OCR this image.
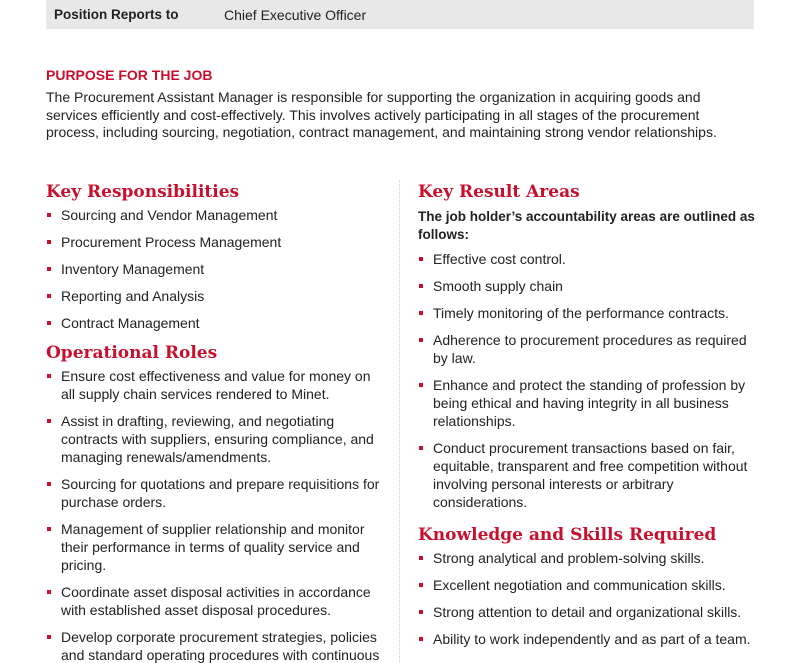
Position Reports to	Chief Executive Officer
PURPOSE FOR THE JOB
The Procurement Assistant Manager is responsible for supporting the organization in acquiring goods and services efficiently and cost-effectively. This involves actively participating in all stages of the procurement process, including sourcing, negotiation, contract management, and maintaining strong vendor relationships.
Key Responsibilities
Sourcing and Vendor Management
Procurement Process Management
Inventory Management
Reporting and Analysis
Contract Management
Operational Roles
Ensure cost effectiveness and value for money on all supply chain services rendered to Minet.
Assist in drafting, reviewing, and negotiating contracts with suppliers, ensuring compliance, and managing renewals/amendments.
Sourcing for quotations and prepare requisitions for purchase orders.
Management of supplier relationship and monitor their performance in terms of quality service and pricing.
Coordinate asset disposal activities in accordance with established asset disposal procedures.
Develop corporate procurement strategies, policies and standard operating procedures with continuous
Key Result Areas
The job holder’s accountability areas are outlined as follows:
Effective cost control.
Smooth supply chain
Timely monitoring of the performance contracts.
Adherence to procurement procedures as required by law.
Enhance and protect the standing of profession by being ethical and having integrity in all business relationships.
Conduct procurement transactions based on fair, equitable, transparent and free competition without involving personal interests or arbitrary considerations.
Knowledge and Skills Required
Strong analytical and problem-solving skills.
Excellent negotiation and communication skills.
Strong attention to detail and organizational skills.
Ability to work independently and as part of a team.
